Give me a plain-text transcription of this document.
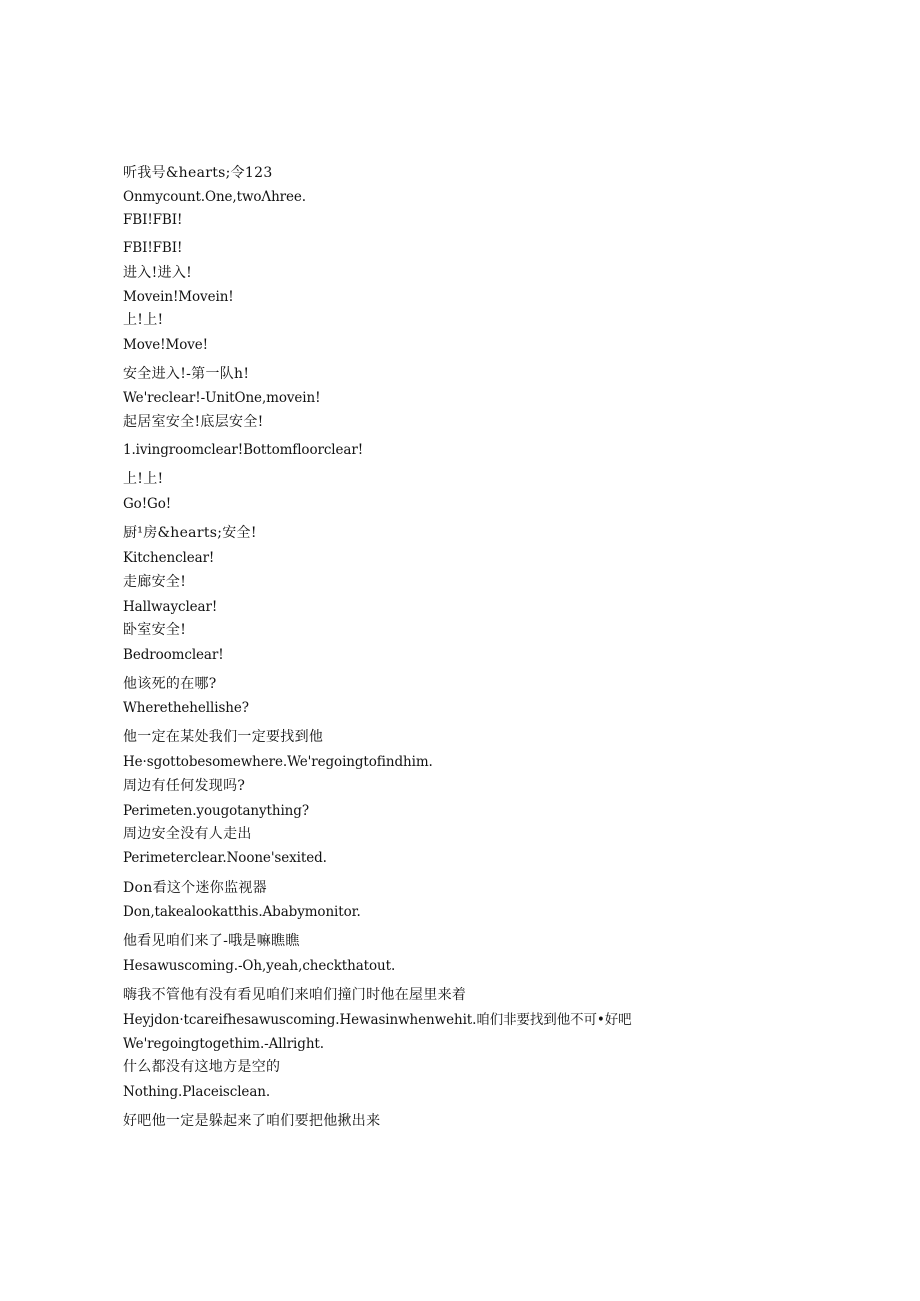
听我号&hearts;令123
Onmycount.One,twoΛhree.
FBI!FBI!
FBI!FBI!
进入!进入!
Movein!Movein!
上!上!
Move!Move!
安全进入!-第一队h!
We'reclear!-UnitOne,movein!
起居室安全!底层安全!
1.ivingroomclear!Bottomfloorclear!
上!上!
Go!Go!
厨¹房&hearts;安全!
Kitchenclear!
走廊安全!
Hallwayclear!
卧室安全!
Bedroomclear!
他该死的在哪?
Wherethehellishe?
他一定在某处我们一定要找到他
He·sgottobesomewhere.We'regoingtofindhim.
周边有任何发现吗?
Perimeten.yougotanything?
周边安全没有人走出
Perimeterclear.Noone'sexited.
Don看这个迷你监视器
Don,takealookatthis.Ababymonitor.
他看见咱们来了-哦是嘛瞧瞧
Hesawuscoming.-Oh,yeah,checkthatout.
嗨我不管他有没有看见咱们来咱们撞门时他在屋里来着
Heyjdon·tcareifhesawuscoming.Hewasinwhenwehit.咱们非要找到他不可•好吧
We'regoingtogethim.-Allright.
什么都没有这地方是空的
Nothing.Placeisclean.
好吧他一定是躲起来了咱们要把他揪出来
